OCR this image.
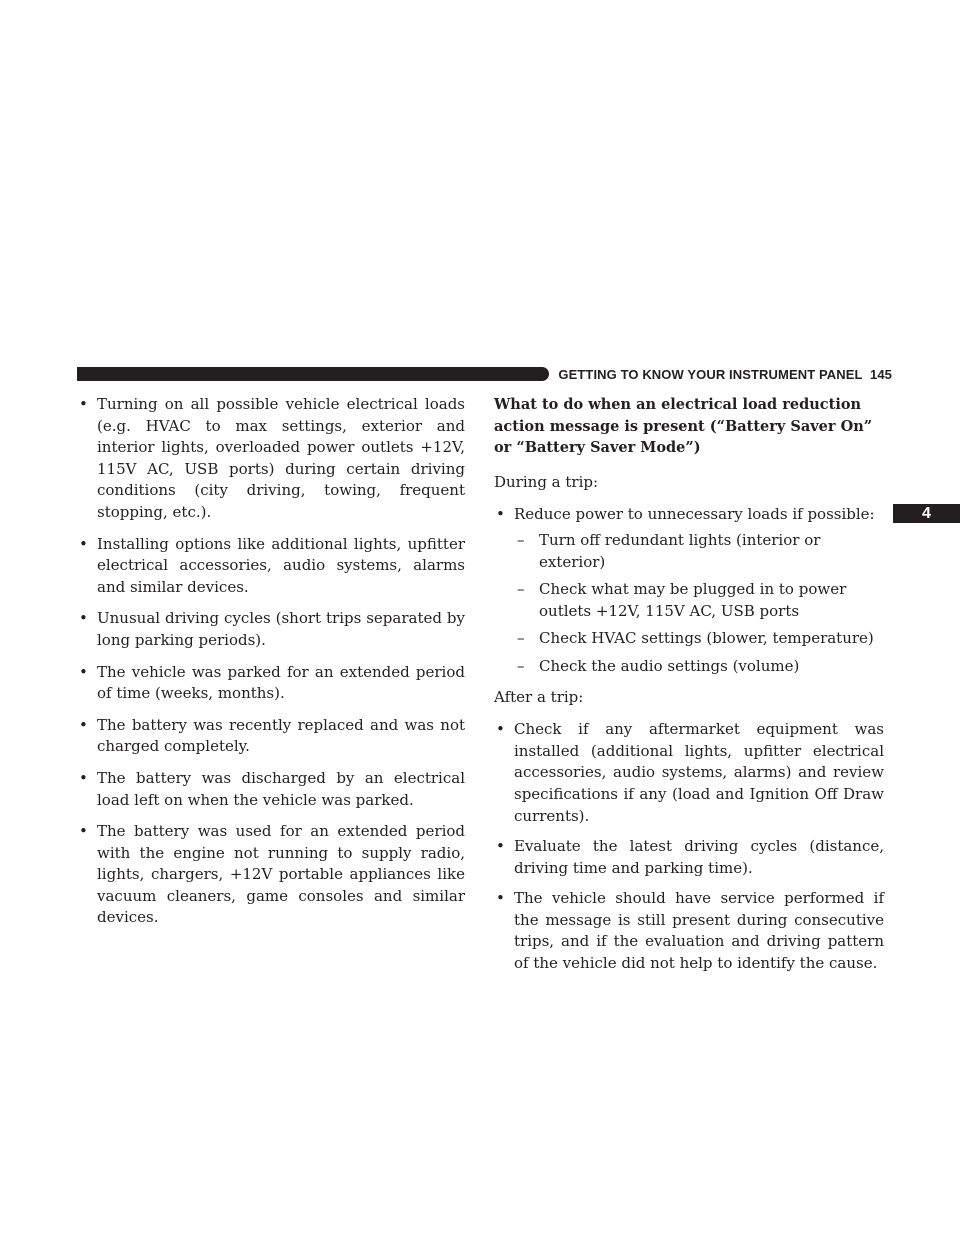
GETTING TO KNOW YOUR INSTRUMENT PANEL 145
4
• Turning on all possible vehicle electrical loads (e.g. HVAC to max settings, exterior and interior lights, overloaded power outlets +12V, 115V AC, USB ports) during certain driving conditions (city driving, towing, frequent stopping, etc.).
• Installing options like additional lights, upfitter electrical accessories, audio systems, alarms and similar devices.
• Unusual driving cycles (short trips separated by long parking periods).
• The vehicle was parked for an extended period of time (weeks, months).
• The battery was recently replaced and was not charged completely.
• The battery was discharged by an electrical load left on when the vehicle was parked.
• The battery was used for an extended period with the engine not running to supply radio, lights, chargers, +12V portable appliances like vacuum cleaners, game consoles and similar devices.

What to do when an electrical load reduction action message is present (“Battery Saver On” or “Battery Saver Mode”)

During a trip:

• Reduce power to unnecessary loads if possible:
– Turn off redundant lights (interior or exterior)
– Check what may be plugged in to power outlets +12V, 115V AC, USB ports
– Check HVAC settings (blower, temperature)
– Check the audio settings (volume)

After a trip:

• Check if any aftermarket equipment was installed (additional lights, upfitter electrical accessories, audio systems, alarms) and review specifications if any (load and Ignition Off Draw currents).
• Evaluate the latest driving cycles (distance, driving time and parking time).
• The vehicle should have service performed if the message is still present during consecutive trips, and if the evaluation and driving pattern of the vehicle did not help to identify the cause.
